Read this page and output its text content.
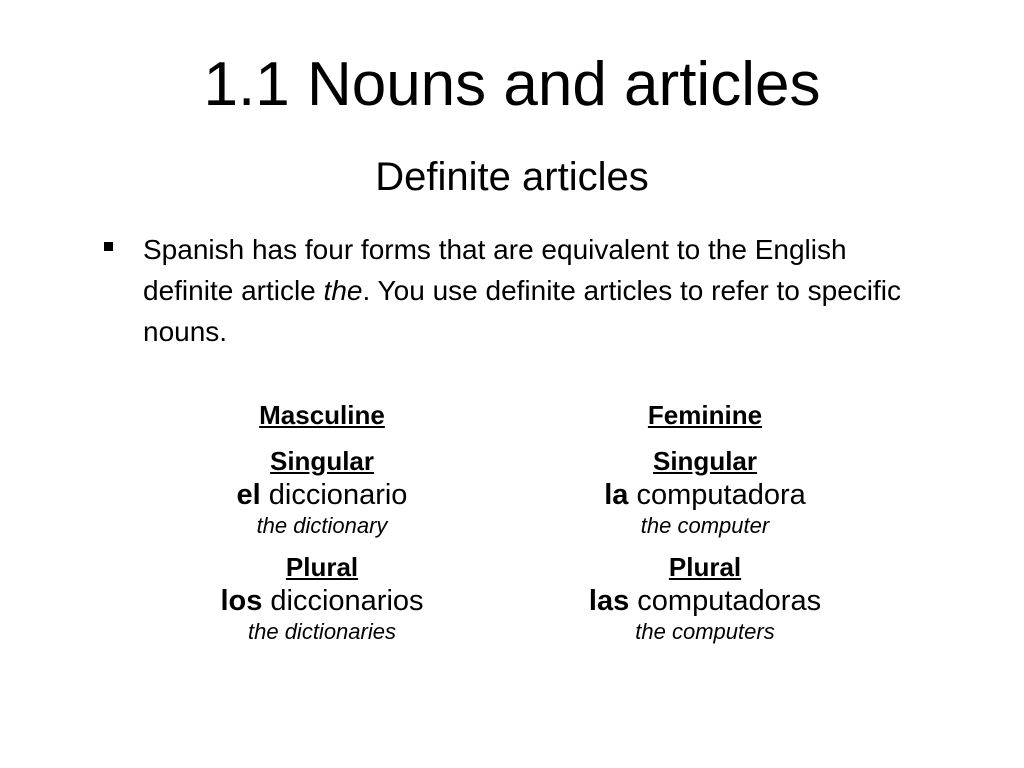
1.1 Nouns and articles
Definite articles

Spanish has four forms that are equivalent to the English definite article the. You use definite articles to refer to specific nouns.

Masculine
Singular
el diccionario
the dictionary
Plural
los diccionarios
the dictionaries
Feminine
Singular
la computadora
the computer
Plural
las computadoras
the computers
